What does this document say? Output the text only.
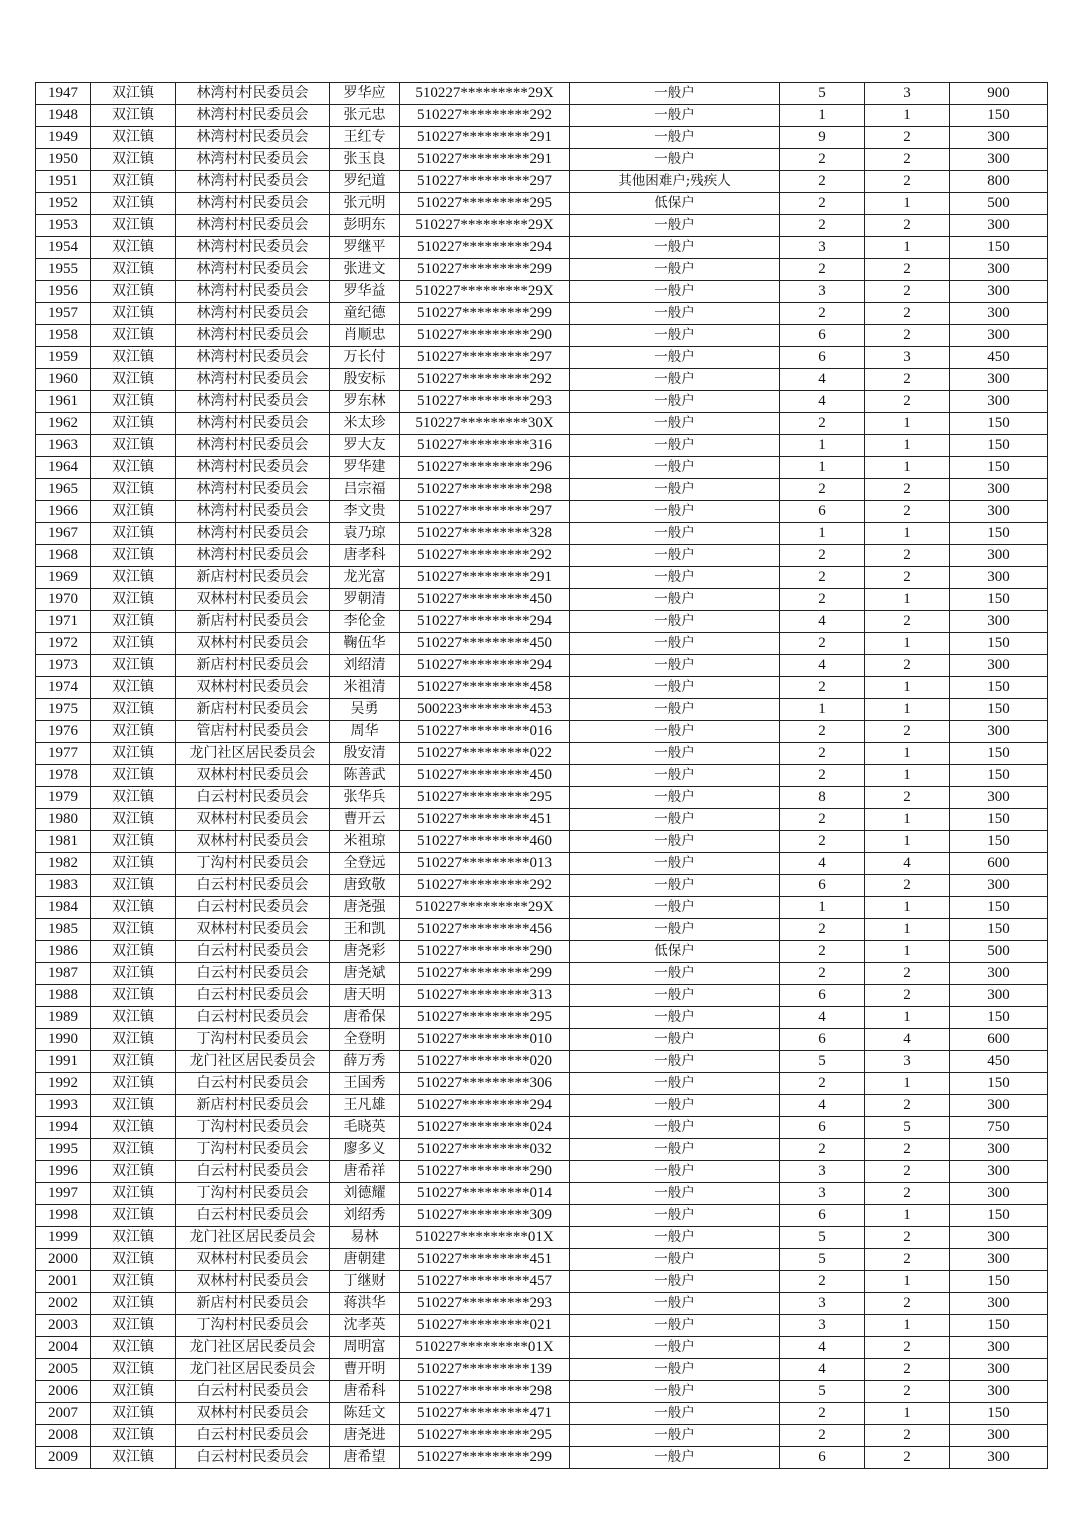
1947	双江镇	林湾村村民委员会	罗华应	510227*********29X	一般户	5	3	900
1948	双江镇	林湾村村民委员会	张元忠	510227*********292	一般户	1	1	150
1949	双江镇	林湾村村民委员会	王红专	510227*********291	一般户	9	2	300
1950	双江镇	林湾村村民委员会	张玉良	510227*********291	一般户	2	2	300
1951	双江镇	林湾村村民委员会	罗纪道	510227*********297	其他困难户;残疾人	2	2	800
1952	双江镇	林湾村村民委员会	张元明	510227*********295	低保户	2	1	500
1953	双江镇	林湾村村民委员会	彭明东	510227*********29X	一般户	2	2	300
1954	双江镇	林湾村村民委员会	罗继平	510227*********294	一般户	3	1	150
1955	双江镇	林湾村村民委员会	张进文	510227*********299	一般户	2	2	300
1956	双江镇	林湾村村民委员会	罗华益	510227*********29X	一般户	3	2	300
1957	双江镇	林湾村村民委员会	童纪德	510227*********299	一般户	2	2	300
1958	双江镇	林湾村村民委员会	肖顺忠	510227*********290	一般户	6	2	300
1959	双江镇	林湾村村民委员会	万长付	510227*********297	一般户	6	3	450
1960	双江镇	林湾村村民委员会	殷安标	510227*********292	一般户	4	2	300
1961	双江镇	林湾村村民委员会	罗东林	510227*********293	一般户	4	2	300
1962	双江镇	林湾村村民委员会	米太珍	510227*********30X	一般户	2	1	150
1963	双江镇	林湾村村民委员会	罗大友	510227*********316	一般户	1	1	150
1964	双江镇	林湾村村民委员会	罗华建	510227*********296	一般户	1	1	150
1965	双江镇	林湾村村民委员会	吕宗福	510227*********298	一般户	2	2	300
1966	双江镇	林湾村村民委员会	李文贵	510227*********297	一般户	6	2	300
1967	双江镇	林湾村村民委员会	袁乃琼	510227*********328	一般户	1	1	150
1968	双江镇	林湾村村民委员会	唐孝科	510227*********292	一般户	2	2	300
1969	双江镇	新店村村民委员会	龙光富	510227*********291	一般户	2	2	300
1970	双江镇	双林村村民委员会	罗朝清	510227*********450	一般户	2	1	150
1971	双江镇	新店村村民委员会	李伦金	510227*********294	一般户	4	2	300
1972	双江镇	双林村村民委员会	鞠伍华	510227*********450	一般户	2	1	150
1973	双江镇	新店村村民委员会	刘绍清	510227*********294	一般户	4	2	300
1974	双江镇	双林村村民委员会	米祖清	510227*********458	一般户	2	1	150
1975	双江镇	新店村村民委员会	吴勇	500223*********453	一般户	1	1	150
1976	双江镇	管店村村民委员会	周华	510227*********016	一般户	2	2	300
1977	双江镇	龙门社区居民委员会	殷安清	510227*********022	一般户	2	1	150
1978	双江镇	双林村村民委员会	陈善武	510227*********450	一般户	2	1	150
1979	双江镇	白云村村民委员会	张华兵	510227*********295	一般户	8	2	300
1980	双江镇	双林村村民委员会	曹开云	510227*********451	一般户	2	1	150
1981	双江镇	双林村村民委员会	米祖琼	510227*********460	一般户	2	1	150
1982	双江镇	丁沟村村民委员会	全登远	510227*********013	一般户	4	4	600
1983	双江镇	白云村村民委员会	唐致敬	510227*********292	一般户	6	2	300
1984	双江镇	白云村村民委员会	唐尧强	510227*********29X	一般户	1	1	150
1985	双江镇	双林村村民委员会	王和凯	510227*********456	一般户	2	1	150
1986	双江镇	白云村村民委员会	唐尧彩	510227*********290	低保户	2	1	500
1987	双江镇	白云村村民委员会	唐尧斌	510227*********299	一般户	2	2	300
1988	双江镇	白云村村民委员会	唐天明	510227*********313	一般户	6	2	300
1989	双江镇	白云村村民委员会	唐希保	510227*********295	一般户	4	1	150
1990	双江镇	丁沟村村民委员会	全登明	510227*********010	一般户	6	4	600
1991	双江镇	龙门社区居民委员会	薛万秀	510227*********020	一般户	5	3	450
1992	双江镇	白云村村民委员会	王国秀	510227*********306	一般户	2	1	150
1993	双江镇	新店村村民委员会	王凡雄	510227*********294	一般户	4	2	300
1994	双江镇	丁沟村村民委员会	毛晓英	510227*********024	一般户	6	5	750
1995	双江镇	丁沟村村民委员会	廖多义	510227*********032	一般户	2	2	300
1996	双江镇	白云村村民委员会	唐希祥	510227*********290	一般户	3	2	300
1997	双江镇	丁沟村村民委员会	刘德耀	510227*********014	一般户	3	2	300
1998	双江镇	白云村村民委员会	刘绍秀	510227*********309	一般户	6	1	150
1999	双江镇	龙门社区居民委员会	易林	510227*********01X	一般户	5	2	300
2000	双江镇	双林村村民委员会	唐朝建	510227*********451	一般户	5	2	300
2001	双江镇	双林村村民委员会	丁继财	510227*********457	一般户	2	1	150
2002	双江镇	新店村村民委员会	蒋洪华	510227*********293	一般户	3	2	300
2003	双江镇	丁沟村村民委员会	沈孝英	510227*********021	一般户	3	1	150
2004	双江镇	龙门社区居民委员会	周明富	510227*********01X	一般户	4	2	300
2005	双江镇	龙门社区居民委员会	曹开明	510227*********139	一般户	4	2	300
2006	双江镇	白云村村民委员会	唐希科	510227*********298	一般户	5	2	300
2007	双江镇	双林村村民委员会	陈廷文	510227*********471	一般户	2	1	150
2008	双江镇	白云村村民委员会	唐尧进	510227*********295	一般户	2	2	300
2009	双江镇	白云村村民委员会	唐希望	510227*********299	一般户	6	2	300
